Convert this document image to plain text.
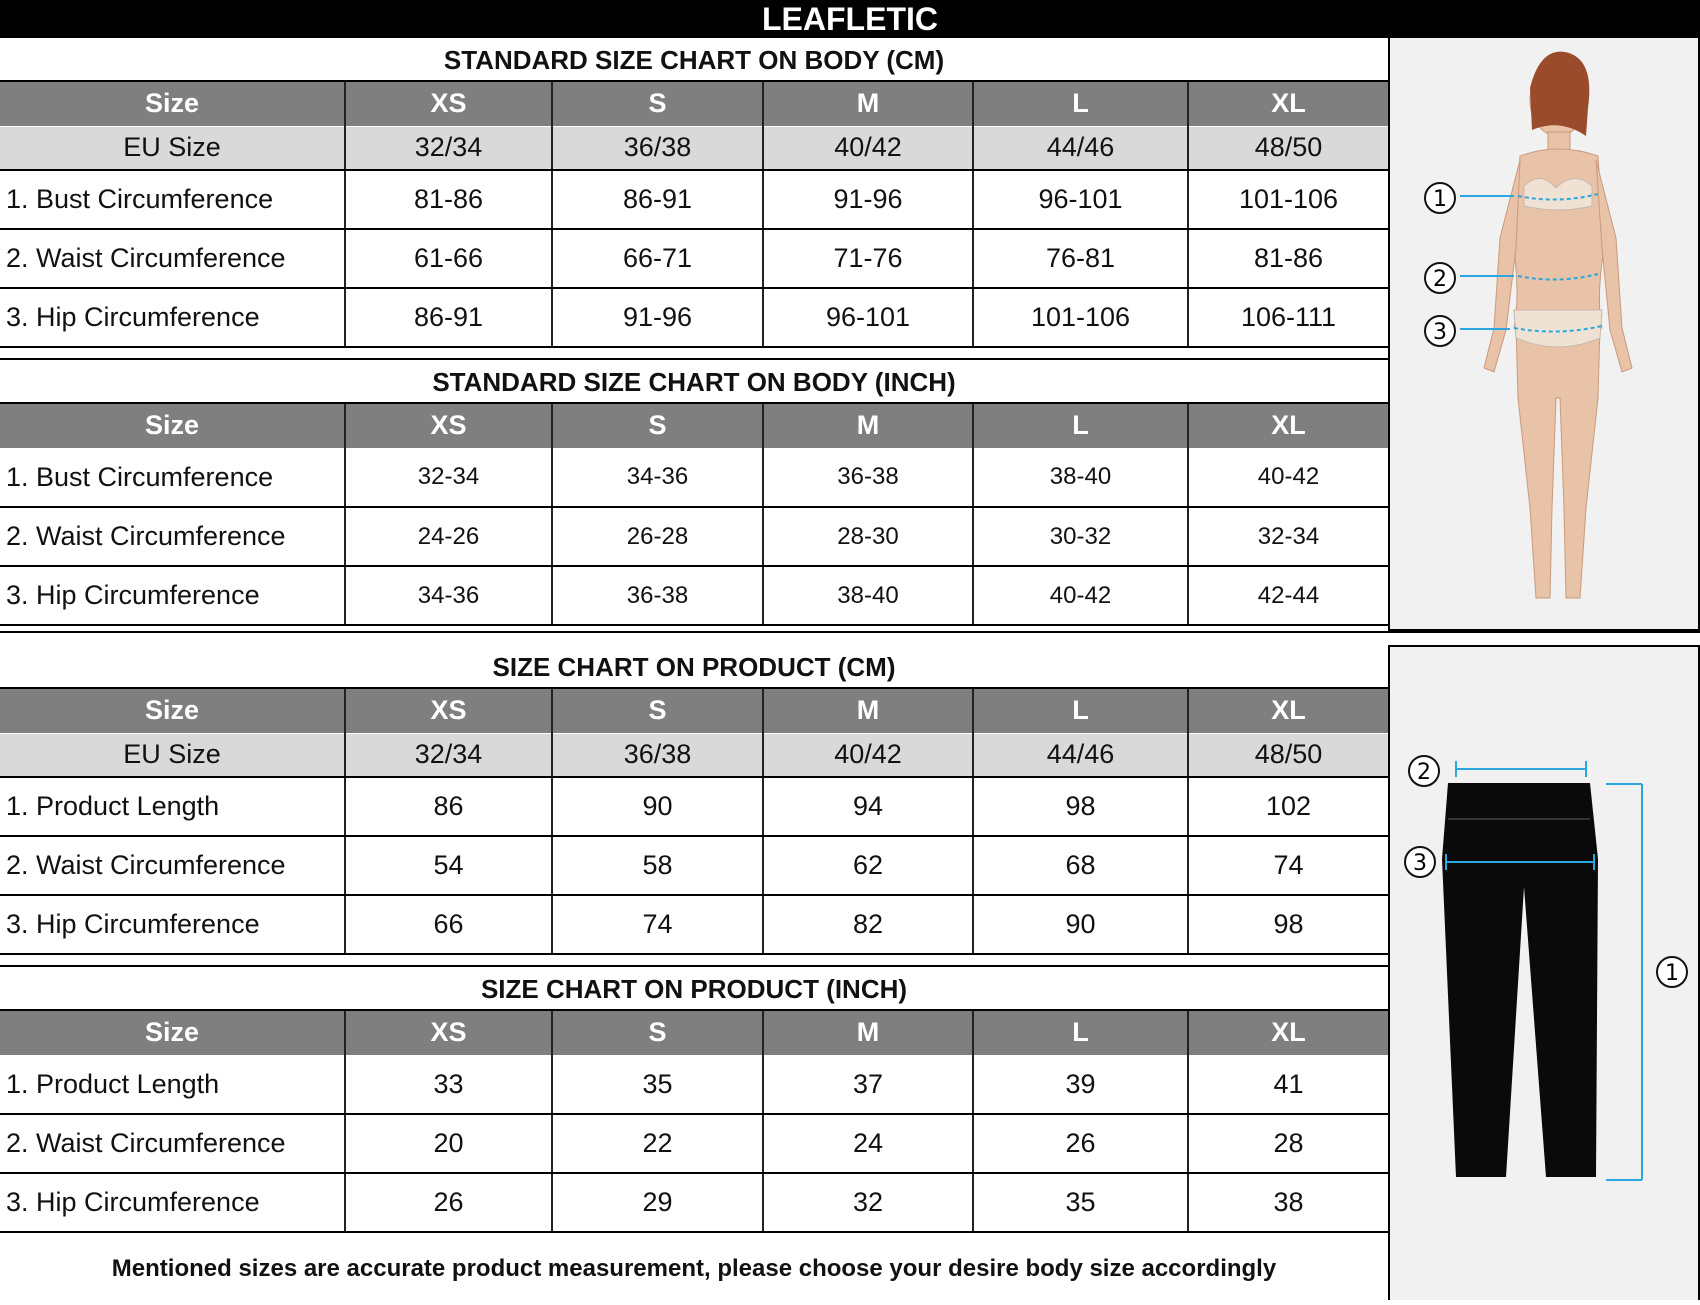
LEAFLETIC
STANDARD SIZE CHART ON BODY (CM)
Size	XS	S	M	L	XL
EU Size	32/34	36/38	40/42	44/46	48/50
1. Bust Circumference	81-86	86-91	91-96	96-101	101-106
2. Waist Circumference	61-66	66-71	71-76	76-81	81-86
3. Hip Circumference	86-91	91-96	96-101	101-106	106-111
STANDARD SIZE CHART ON BODY (INCH)
Size	XS	S	M	L	XL
1. Bust Circumference	32-34	34-36	36-38	38-40	40-42
2. Waist Circumference	24-26	26-28	28-30	30-32	32-34
3. Hip Circumference	34-36	36-38	38-40	40-42	42-44
1
2
3
SIZE CHART ON PRODUCT (CM)
Size	XS	S	M	L	XL
EU Size	32/34	36/38	40/42	44/46	48/50
1. Product Length	86	90	94	98	102
2. Waist Circumference	54	58	62	68	74
3. Hip Circumference	66	74	82	90	98
SIZE CHART ON PRODUCT (INCH)
Size	XS	S	M	L	XL
1. Product Length	33	35	37	39	41
2. Waist Circumference	20	22	24	26	28
3. Hip Circumference	26	29	32	35	38
2
3
1
Mentioned sizes are accurate product measurement, please choose your desire body size accordingly
